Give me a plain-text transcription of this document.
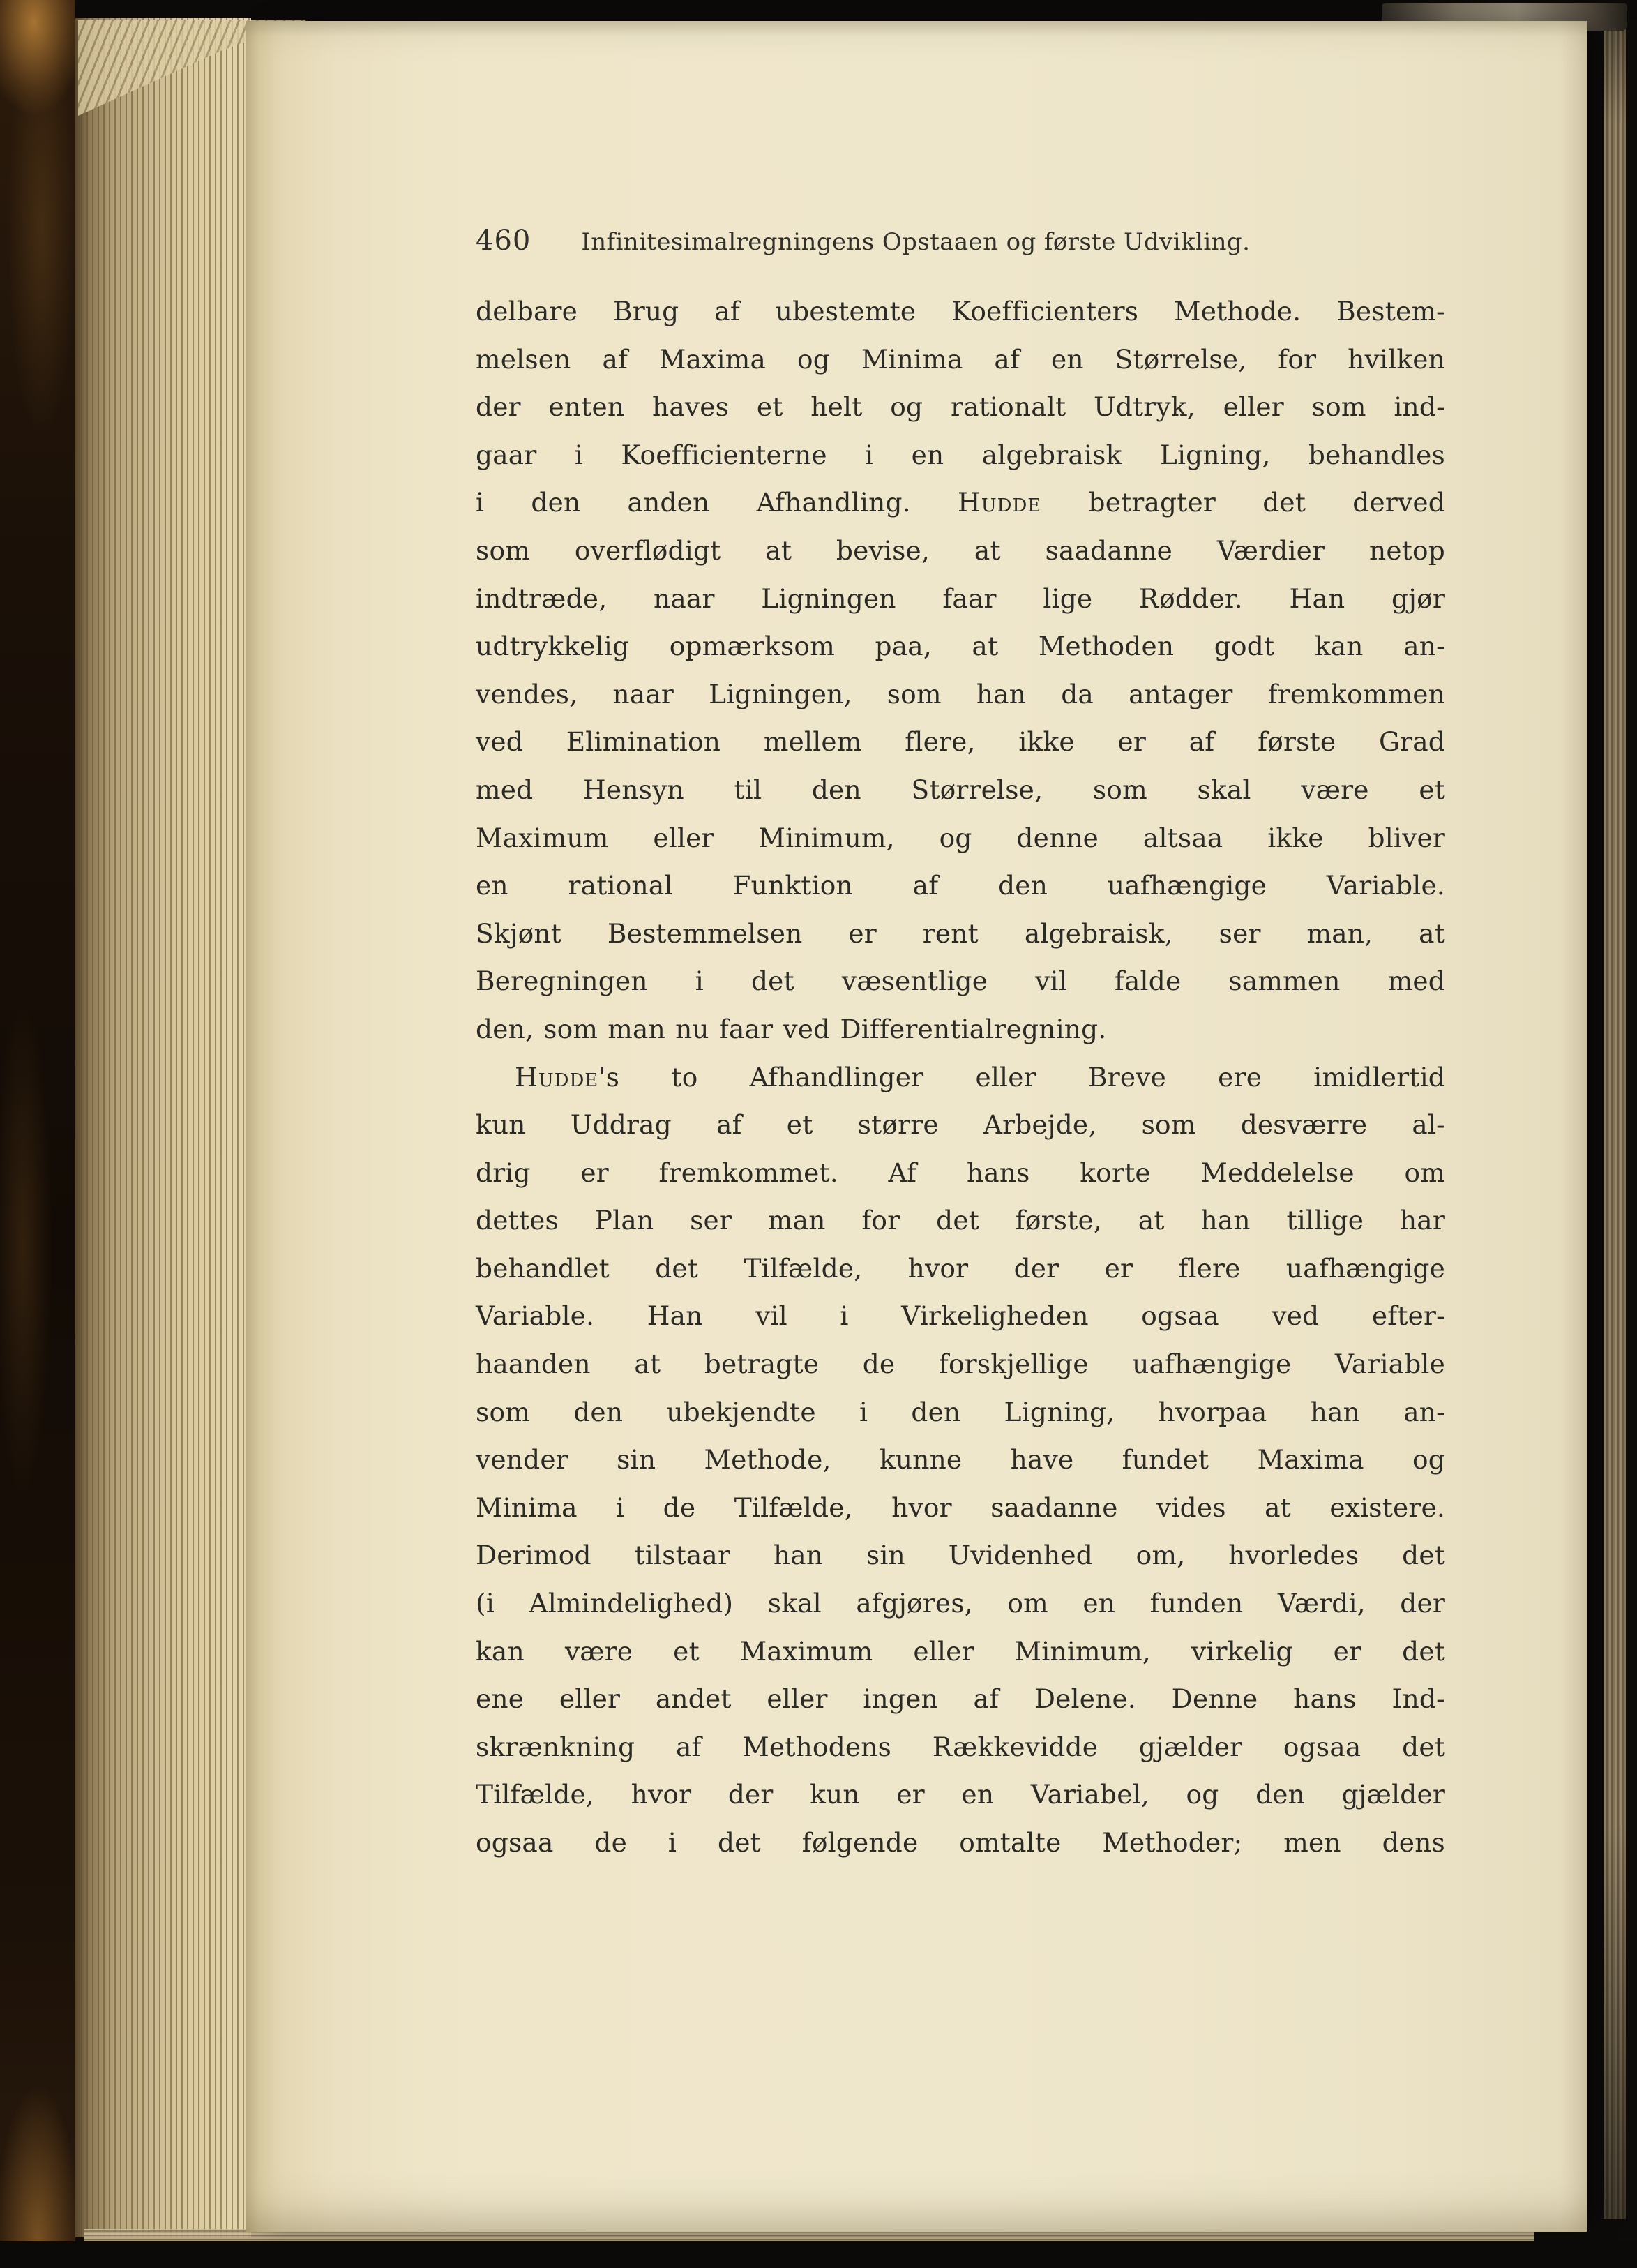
460 Infinitesimalregningens Opstaaen og første Udvikling.
delbare Brug af ubestemte Koefficienters Methode. Bestem-
melsen af Maxima og Minima af en Størrelse, for hvilken
der enten haves et helt og rationalt Udtryk, eller som ind-
gaar i Koefficienterne i en algebraisk Ligning, behandles
i den anden Afhandling. Hudde betragter det derved
som overflødigt at bevise, at saadanne Værdier netop
indtræde, naar Ligningen faar lige Rødder. Han gjør
udtrykkelig opmærksom paa, at Methoden godt kan an-
vendes, naar Ligningen, som han da antager fremkommen
ved Elimination mellem flere, ikke er af første Grad
med Hensyn til den Størrelse, som skal være et
Maximum eller Minimum, og denne altsaa ikke bliver
en rational Funktion af den uafhængige Variable.
Skjønt Bestemmelsen er rent algebraisk, ser man, at
Beregningen i det væsentlige vil falde sammen med
den, som man nu faar ved Differentialregning.
Hudde's to Afhandlinger eller Breve ere imidlertid
kun Uddrag af et større Arbejde, som desværre al-
drig er fremkommet. Af hans korte Meddelelse om
dettes Plan ser man for det første, at han tillige har
behandlet det Tilfælde, hvor der er flere uafhængige
Variable. Han vil i Virkeligheden ogsaa ved efter-
haanden at betragte de forskjellige uafhængige Variable
som den ubekjendte i den Ligning, hvorpaa han an-
vender sin Methode, kunne have fundet Maxima og
Minima i de Tilfælde, hvor saadanne vides at existere.
Derimod tilstaar han sin Uvidenhed om, hvorledes det
(i Almindelighed) skal afgjøres, om en funden Værdi, der
kan være et Maximum eller Minimum, virkelig er det
ene eller andet eller ingen af Delene. Denne hans Ind-
skrænkning af Methodens Rækkevidde gjælder ogsaa det
Tilfælde, hvor der kun er en Variabel, og den gjælder
ogsaa de i det følgende omtalte Methoder; men dens
